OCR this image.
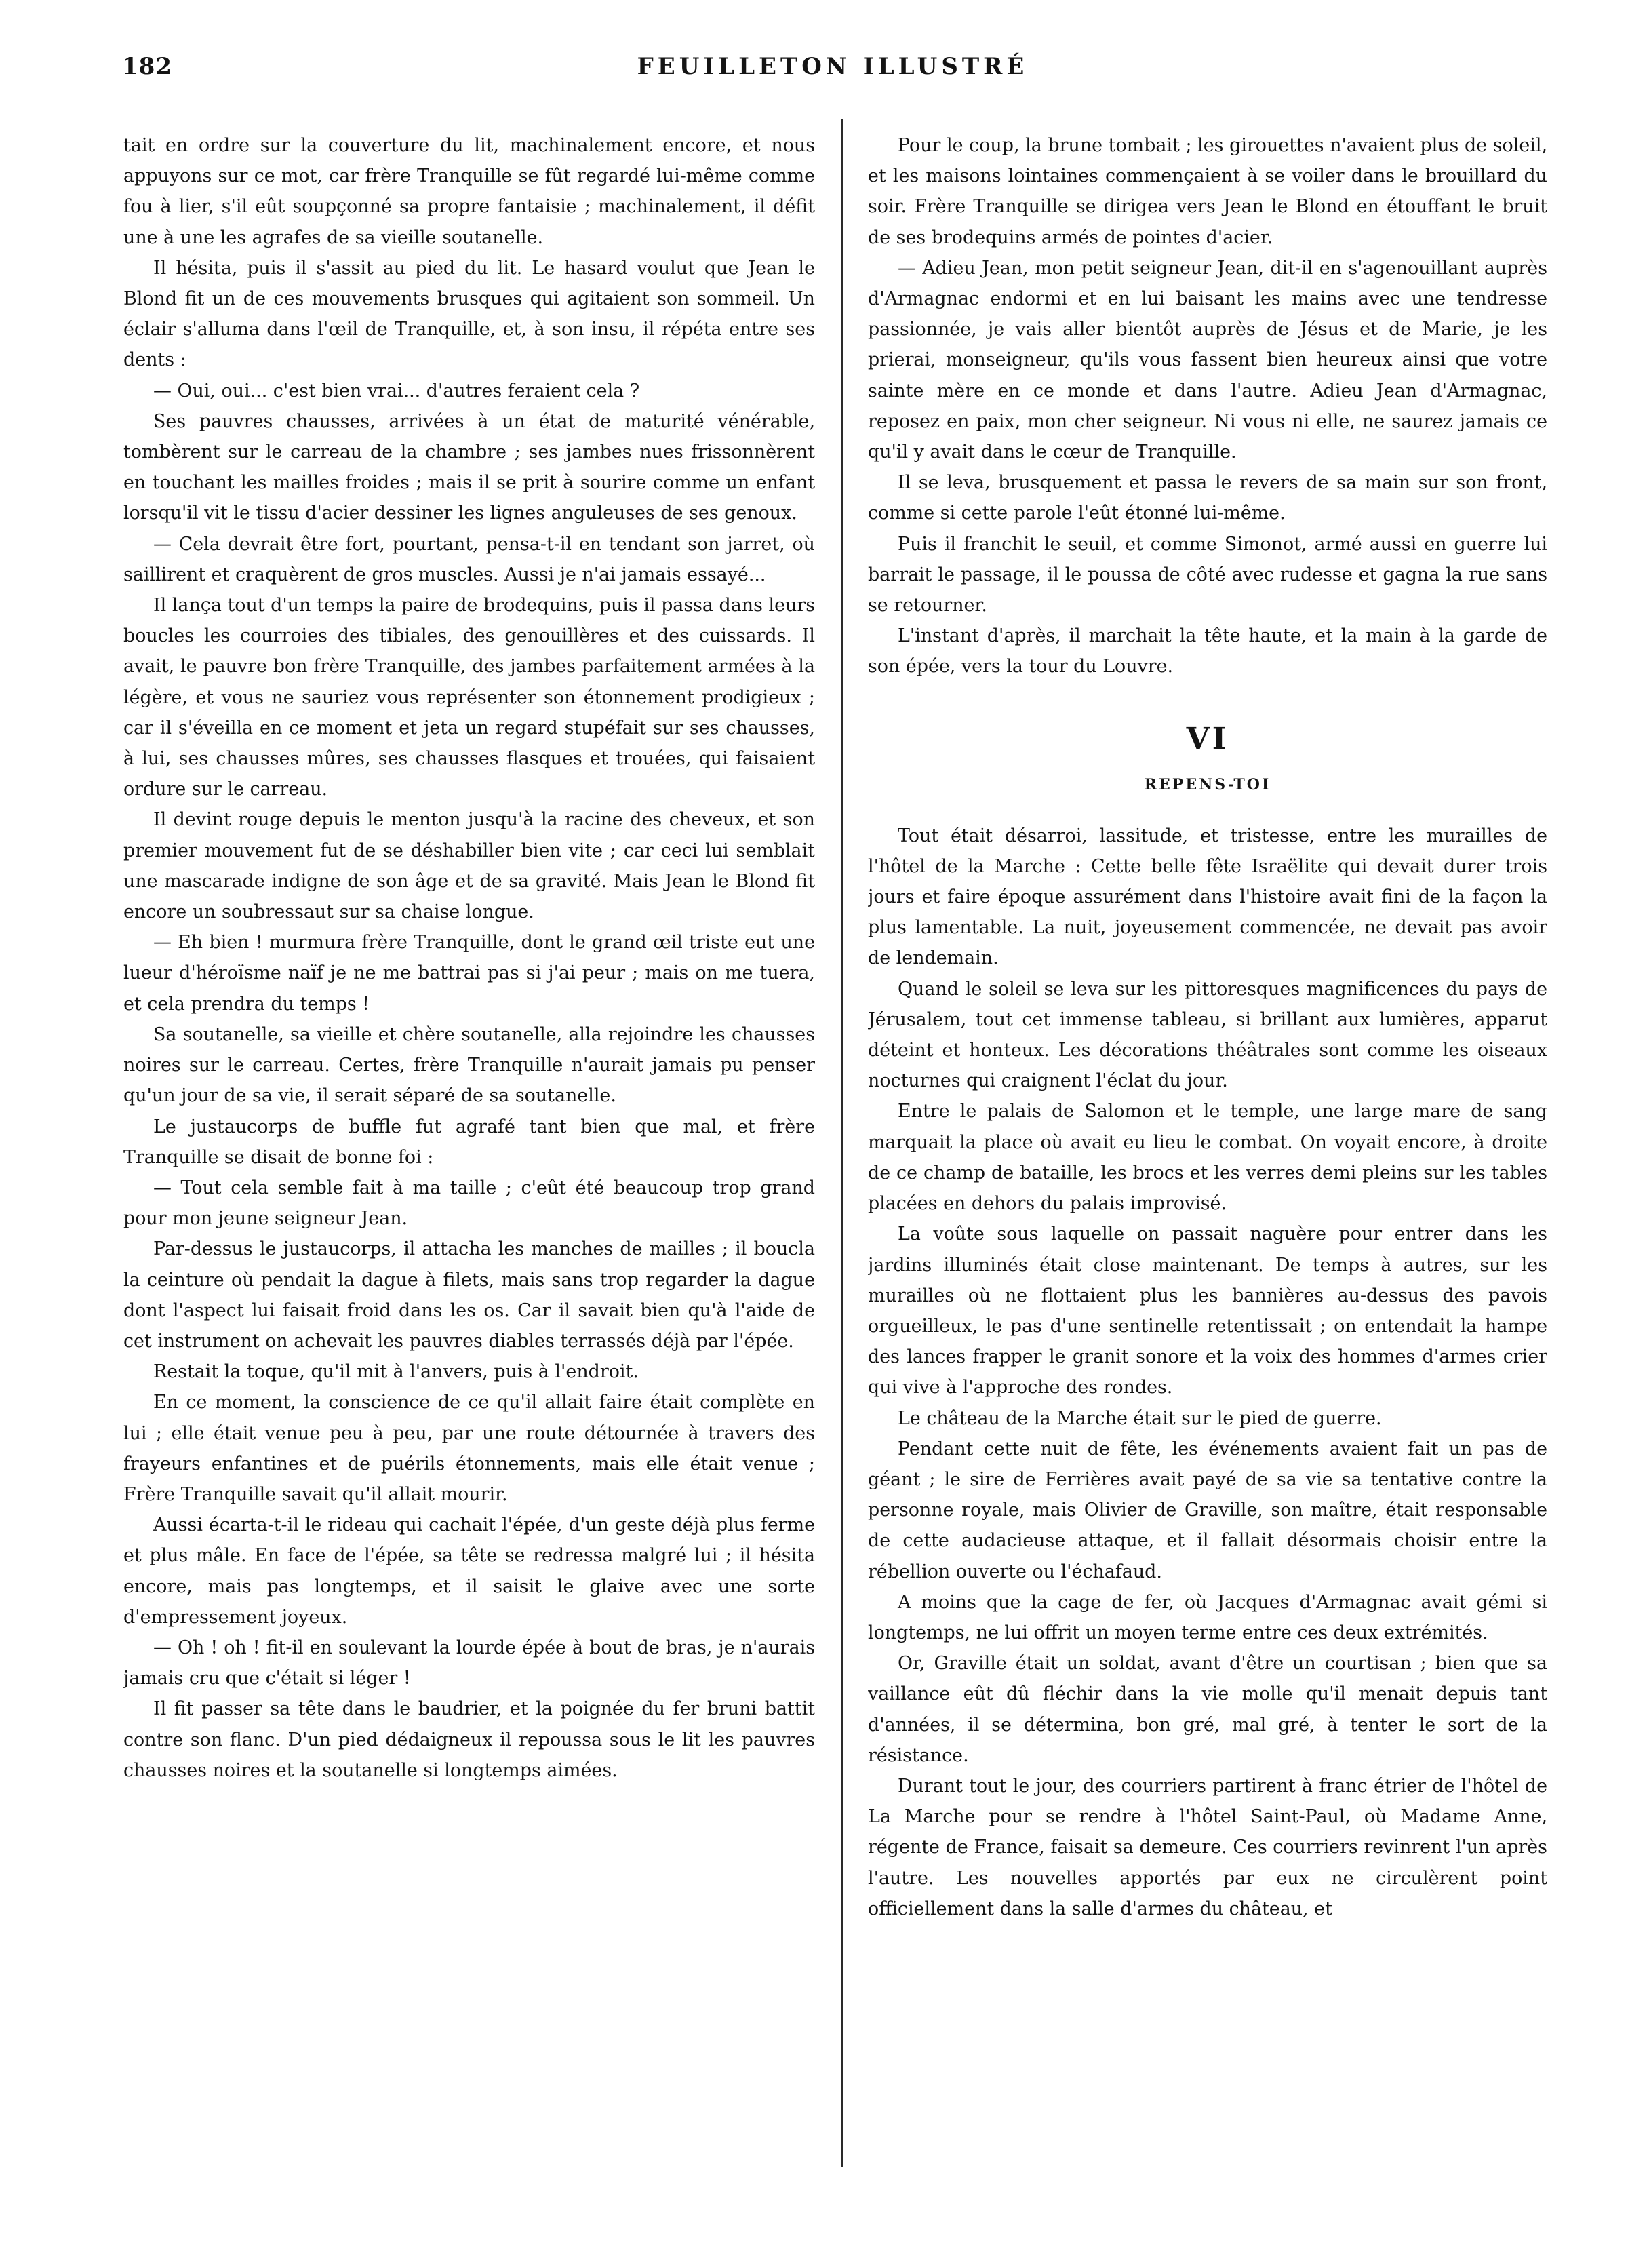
182	FEUILLETON ILLUSTRÉ

tait en ordre sur la couverture du lit, machinalement encore, et nous appuyons sur ce mot, car frère Tranquille se fût regardé lui-même comme fou à lier, s'il eût soupçonné sa propre fantaisie ; machinalement, il défit une à une les agrafes de sa vieille soutanelle.

Il hésita, puis il s'assit au pied du lit. Le hasard voulut que Jean le Blond fit un de ces mouvements brusques qui agitaient son sommeil. Un éclair s'alluma dans l'œil de Tranquille, et, à son insu, il répéta entre ses dents :

— Oui, oui... c'est bien vrai... d'autres feraient cela ?

Ses pauvres chausses, arrivées à un état de maturité vénérable, tombèrent sur le carreau de la chambre ; ses jambes nues frissonnèrent en touchant les mailles froides ; mais il se prit à sourire comme un enfant lorsqu'il vit le tissu d'acier dessiner les lignes anguleuses de ses genoux.

— Cela devrait être fort, pourtant, pensa-t-il en tendant son jarret, où saillirent et craquèrent de gros muscles. Aussi je n'ai jamais essayé...

Il lança tout d'un temps la paire de brodequins, puis il passa dans leurs boucles les courroies des tibiales, des genouillères et des cuissards. Il avait, le pauvre bon frère Tranquille, des jambes parfaitement armées à la légère, et vous ne sauriez vous représenter son étonnement prodigieux ; car il s'éveilla en ce moment et jeta un regard stupéfait sur ses chausses, à lui, ses chausses mûres, ses chausses flasques et trouées, qui faisaient ordure sur le carreau.

Il devint rouge depuis le menton jusqu'à la racine des cheveux, et son premier mouvement fut de se déshabiller bien vite ; car ceci lui semblait une mascarade indigne de son âge et de sa gravité. Mais Jean le Blond fit encore un soubressaut sur sa chaise longue.

— Eh bien ! murmura frère Tranquille, dont le grand œil triste eut une lueur d'héroïsme naïf je ne me battrai pas si j'ai peur ; mais on me tuera, et cela prendra du temps !

Sa soutanelle, sa vieille et chère soutanelle, alla rejoindre les chausses noires sur le carreau. Certes, frère Tranquille n'aurait jamais pu penser qu'un jour de sa vie, il serait séparé de sa soutanelle.

Le justaucorps de buffle fut agrafé tant bien que mal, et frère Tranquille se disait de bonne foi :

— Tout cela semble fait à ma taille ; c'eût été beaucoup trop grand pour mon jeune seigneur Jean.

Par-dessus le justaucorps, il attacha les manches de mailles ; il boucla la ceinture où pendait la dague à filets, mais sans trop regarder la dague dont l'aspect lui faisait froid dans les os. Car il savait bien qu'à l'aide de cet instrument on achevait les pauvres diables terrassés déjà par l'épée.

Restait la toque, qu'il mit à l'anvers, puis à l'endroit.

En ce moment, la conscience de ce qu'il allait faire était complète en lui ; elle était venue peu à peu, par une route détournée à travers des frayeurs enfantines et de puérils étonnements, mais elle était venue ; Frère Tranquille savait qu'il allait mourir.

Aussi écarta-t-il le rideau qui cachait l'épée, d'un geste déjà plus ferme et plus mâle. En face de l'épée, sa tête se redressa malgré lui ; il hésita encore, mais pas longtemps, et il saisit le glaive avec une sorte d'empressement joyeux.

— Oh ! oh ! fit-il en soulevant la lourde épée à bout de bras, je n'aurais jamais cru que c'était si léger !

Il fit passer sa tête dans le baudrier, et la poignée du fer bruni battit contre son flanc. D'un pied dédaigneux il repoussa sous le lit les pauvres chausses noires et la soutanelle si longtemps aimées.

Pour le coup, la brune tombait ; les girouettes n'avaient plus de soleil, et les maisons lointaines commençaient à se voiler dans le brouillard du soir. Frère Tranquille se dirigea vers Jean le Blond en étouffant le bruit de ses brodequins armés de pointes d'acier.

— Adieu Jean, mon petit seigneur Jean, dit-il en s'agenouillant auprès d'Armagnac endormi et en lui baisant les mains avec une tendresse passionnée, je vais aller bientôt auprès de Jésus et de Marie, je les prierai, monseigneur, qu'ils vous fassent bien heureux ainsi que votre sainte mère en ce monde et dans l'autre. Adieu Jean d'Armagnac, reposez en paix, mon cher seigneur. Ni vous ni elle, ne saurez jamais ce qu'il y avait dans le cœur de Tranquille.

Il se leva, brusquement et passa le revers de sa main sur son front, comme si cette parole l'eût étonné lui-même.

Puis il franchit le seuil, et comme Simonot, armé aussi en guerre lui barrait le passage, il le poussa de côté avec rudesse et gagna la rue sans se retourner.

L'instant d'après, il marchait la tête haute, et la main à la garde de son épée, vers la tour du Louvre.

VI
REPENS-TOI

Tout était désarroi, lassitude, et tristesse, entre les murailles de l'hôtel de la Marche : Cette belle fête Israëlite qui devait durer trois jours et faire époque assurément dans l'histoire avait fini de la façon la plus lamentable. La nuit, joyeusement commencée, ne devait pas avoir de lendemain.

Quand le soleil se leva sur les pittoresques magnificences du pays de Jérusalem, tout cet immense tableau, si brillant aux lumières, apparut déteint et honteux. Les décorations théâtrales sont comme les oiseaux nocturnes qui craignent l'éclat du jour.

Entre le palais de Salomon et le temple, une large mare de sang marquait la place où avait eu lieu le combat. On voyait encore, à droite de ce champ de bataille, les brocs et les verres demi pleins sur les tables placées en dehors du palais improvisé.

La voûte sous laquelle on passait naguère pour entrer dans les jardins illuminés était close maintenant. De temps à autres, sur les murailles où ne flottaient plus les bannières au-dessus des pavois orgueilleux, le pas d'une sentinelle retentissait ; on entendait la hampe des lances frapper le granit sonore et la voix des hommes d'armes crier qui vive à l'approche des rondes.

Le château de la Marche était sur le pied de guerre.

Pendant cette nuit de fête, les événements avaient fait un pas de géant ; le sire de Ferrières avait payé de sa vie sa tentative contre la personne royale, mais Olivier de Graville, son maître, était responsable de cette audacieuse attaque, et il fallait désormais choisir entre la rébellion ouverte ou l'échafaud.

A moins que la cage de fer, où Jacques d'Armagnac avait gémi si longtemps, ne lui offrit un moyen terme entre ces deux extrémités.

Or, Graville était un soldat, avant d'être un courtisan ; bien que sa vaillance eût dû fléchir dans la vie molle qu'il menait depuis tant d'années, il se détermina, bon gré, mal gré, à tenter le sort de la résistance.

Durant tout le jour, des courriers partirent à franc étrier de l'hôtel de La Marche pour se rendre à l'hôtel Saint-Paul, où Madame Anne, régente de France, faisait sa demeure. Ces courriers revinrent l'un après l'autre. Les nouvelles apportés par eux ne circulèrent point officiellement dans la salle d'armes du château, et
